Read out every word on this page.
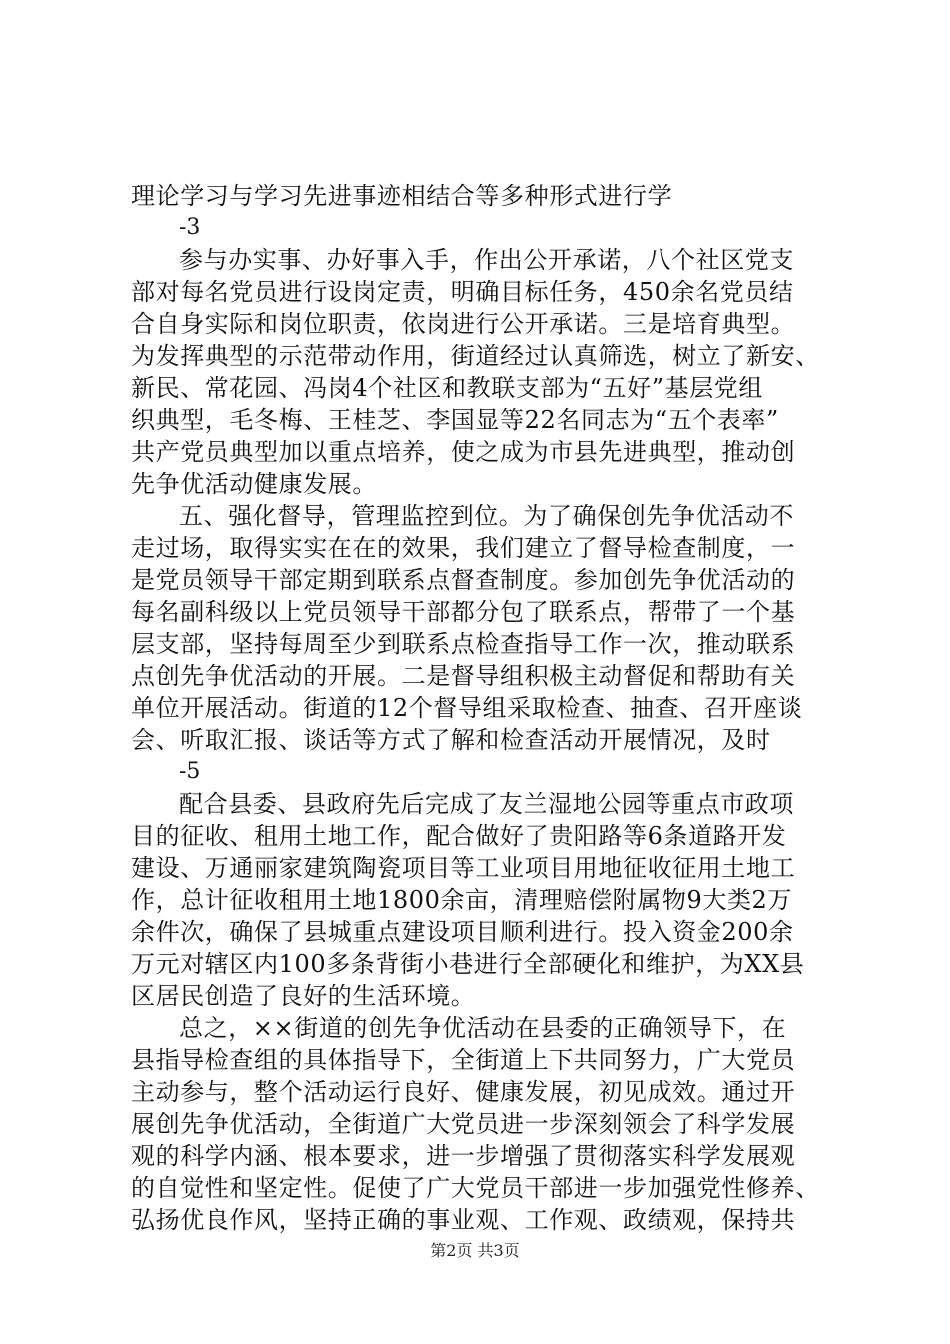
理论学习与学习先进事迹相结合等多种形式进行学
-3
参与办实事、办好事入手，作出公开承诺，八个社区党支
部对每名党员进行设岗定责，明确目标任务，450余名党员结
合自身实际和岗位职责，依岗进行公开承诺。三是培育典型。
为发挥典型的示范带动作用，街道经过认真筛选，树立了新安、
新民、常花园、冯岗4个社区和教联支部为“五好”基层党组
织典型，毛冬梅、王桂芝、李国显等22名同志为“五个表率”
共产党员典型加以重点培养，使之成为市县先进典型，推动创
先争优活动健康发展。
五、强化督导，管理监控到位。为了确保创先争优活动不
走过场，取得实实在在的效果，我们建立了督导检查制度，一
是党员领导干部定期到联系点督查制度。参加创先争优活动的
每名副科级以上党员领导干部都分包了联系点，帮带了一个基
层支部，坚持每周至少到联系点检查指导工作一次，推动联系
点创先争优活动的开展。二是督导组积极主动督促和帮助有关
单位开展活动。街道的12个督导组采取检查、抽查、召开座谈
会、听取汇报、谈话等方式了解和检查活动开展情况，及时
-5
配合县委、县政府先后完成了友兰湿地公园等重点市政项
目的征收、租用土地工作，配合做好了贵阳路等6条道路开发
建设、万通丽家建筑陶瓷项目等工业项目用地征收征用土地工
作，总计征收租用土地1800余亩，清理赔偿附属物9大类2万
余件次，确保了县城重点建设项目顺利进行。投入资金200余
万元对辖区内100多条背街小巷进行全部硬化和维护，为XX县
区居民创造了良好的生活环境。
总之，××街道的创先争优活动在县委的正确领导下，在
县指导检查组的具体指导下，全街道上下共同努力，广大党员
主动参与，整个活动运行良好、健康发展，初见成效。通过开
展创先争优活动，全街道广大党员进一步深刻领会了科学发展
观的科学内涵、根本要求，进一步增强了贯彻落实科学发展观
的自觉性和坚定性。促使了广大党员干部进一步加强党性修养、
弘扬优良作风，坚持正确的事业观、工作观、政绩观，保持共
第2页 共3页
